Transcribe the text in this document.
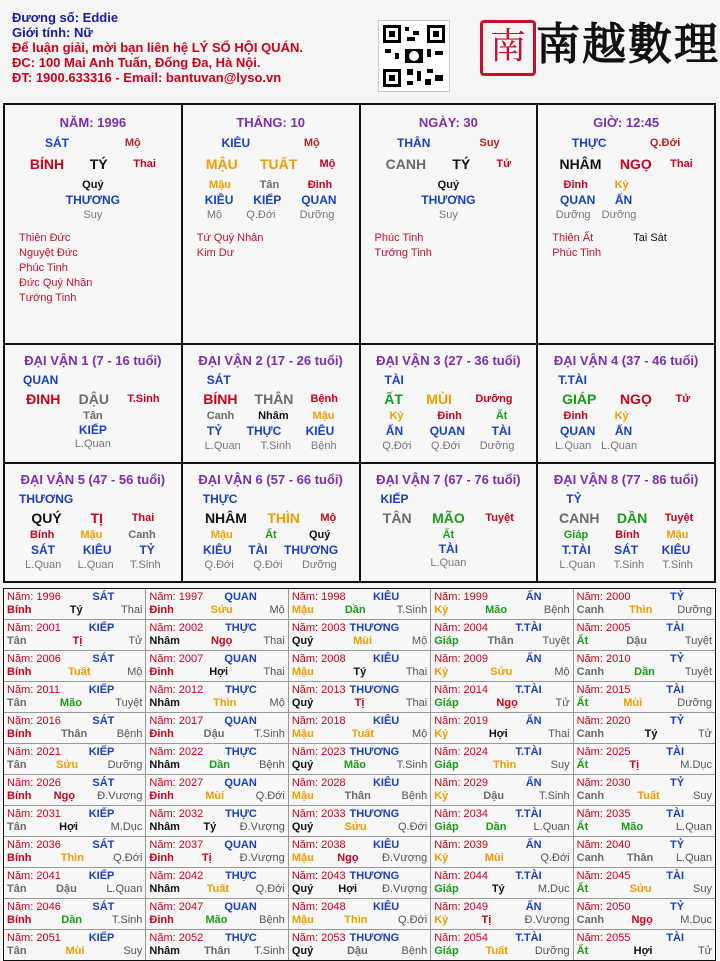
Đương số: Eddie
Giới tính: Nữ
Để luận giải, mời bạn liên hệ LÝ SỐ HỘI QUÁN.
ĐC: 100 Mai Anh Tuấn, Đống Đa, Hà Nội.
ĐT: 1900.633316 - Email: bantuvan@lyso.vn
南 南越數理
NĂM: 1996
SÁT	Mộ
BÍNH TÝ Thai
Quý
THƯƠNG
Suy
Thiên Đức
Nguyệt Đức
Phúc Tinh
Đức Quý Nhân
Tướng Tinh
THÁNG: 10
KIÊU	Mộ
MẬU TUẤT Mộ
Mậu	Tân	Đinh
KIÊU KIẾP QUAN
Mộ Q.Đới Dưỡng
Tứ Quý Nhân
Kim Dư
NGÀY: 30
THÂN	Suy
CANH TÝ Tử
Quý
THƯƠNG
Suy
Phúc Tinh
Tướng Tinh
GIỜ: 12:45
THỰC	Q.Đới
NHÂM NGỌ Thai
Đinh Kỷ
QUAN ẤN
Dưỡng Dưỡng
Thiên Ất	Tai Sát
Phúc Tinh
ĐẠI VẬN 1 (7 - 16 tuổi)
QUAN
ĐINH DẬU T.Sinh
Tân
KIẾP
L.Quan
ĐẠI VẬN 2 (17 - 26 tuổi)
SÁT
BÍNH THÂN Bệnh
Canh Nhâm Mậu
TỶ THỰC KIÊU
L.Quan T.Sinh Bệnh
ĐẠI VẬN 3 (27 - 36 tuổi)
TÀI
ẤT MÙI Dưỡng
Kỷ	Đinh	Ất
ẤN QUAN TÀI
Q.Đới Q.Đới Dưỡng
ĐẠI VẬN 4 (37 - 46 tuổi)
T.TÀI
GIÁP NGỌ Tử
Đinh Kỷ
QUAN ẤN
L.Quan L.Quan
ĐẠI VẬN 5 (47 - 56 tuổi)
THƯƠNG
QUÝ TỊ	Thai
Bính Mậu Canh
SÁT KIÊU TỶ
L.Quan L.Quan T.Sinh
ĐẠI VẬN 6 (57 - 66 tuổi)
THỰC
NHÂM THÌN Mộ
Mậu	Ất	Quý
KIÊU TÀI THƯƠNG
Q.Đới Q.Đới Dưỡng
ĐẠI VẬN 7 (67 - 76 tuổi)
KIẾP
TÂN MÃO Tuyệt
Ất
TÀI
L.Quan
ĐẠI VẬN 8 (77 - 86 tuổi)
TỶ
CANH DẦN Tuyệt
Giáp Bính Mậu
T.TÀI SÁT KIÊU
L.Quan T.Sinh T.Sinh
Năm: 1996	SÁT
Bính	Tý	Thai
Năm: 1997 QUAN
Đinh	Sửu	Mộ
Năm: 1998 KIÊU
Mậu	Dần	T.Sinh
Năm: 1999	ẤN
Kỷ	Mão	Bệnh
Năm: 2000	TỶ
Canh Thìn Dưỡng
Năm: 2001	KIẾP
Tân	Tị	Tử
Năm: 2002 THỰC
Nhâm	Ngọ	Thai
Năm: 2003 THƯƠNG
Quý	Mùi	Mộ
Năm: 2004 T.TÀI
Giáp	Thân	Tuyệt
Năm: 2005	TÀI
Ất	Dậu	Tuyệt
Năm: 2006	SÁT
Bính	Tuất	Mộ
Năm: 2007 QUAN
Đinh	Hợi	Thai
Năm: 2008 KIÊU
Mậu	Tý	Thai
Năm: 2009	ẤN
Kỷ	Sửu	Mộ
Năm: 2010	TỶ
Canh	Dần	Tuyệt
Năm: 2011	KIẾP
Tân	Mão	Tuyệt
Năm: 2012 THỰC
Nhâm	Thìn	Mộ
Năm: 2013 THƯƠNG
Quý	Tị	Thai
Năm: 2014 T.TÀI
Giáp	Ngọ	Tử
Năm: 2015	TÀI
Ất	Mùi	Dưỡng
Năm: 2016	SÁT
Bính	Thân	Bệnh
Năm: 2017 QUAN
Đinh	Dậu	T.Sinh
Năm: 2018 KIÊU
Mậu	Tuất	Mộ
Năm: 2019	ẤN
Kỷ	Hợi	Thai
Năm: 2020	TỶ
Canh	Tý	Tử
Năm: 2021	KIẾP
Tân	Sửu	Dưỡng
Năm: 2022 THỰC
Nhâm	Dần	Bệnh
Năm: 2023 THƯƠNG
Quý	Mão	T.Sinh
Năm: 2024 T.TÀI
Giáp	Thìn	Suy
Năm: 2025	TÀI
Ất	Tị	M.Dục
Năm: 2026	SÁT
Bính Ngọ Đ.Vượng
Năm: 2027 QUAN
Đinh	Mùi	Q.Đới
Năm: 2028 KIÊU
Mậu	Thân	Bệnh
Năm: 2029	ẤN
Kỷ	Dậu	T.Sinh
Năm: 2030	TỶ
Canh	Tuất	Suy
Năm: 2031	KIẾP
Tân	Hợi	M.Dục
Năm: 2032 THỰC
Nhâm Tý Đ.Vượng
Năm: 2033 THƯƠNG
Quý	Sửu	Q.Đới
Năm: 2034 T.TÀI
Giáp Dần L.Quan
Năm: 2035	TÀI
Ất	Mão	L.Quan
Năm: 2036	SÁT
Bính	Thìn	Q.Đới
Năm: 2037 QUAN
Đinh	Tị	Đ.Vượng
Năm: 2038 KIÊU
Mậu Ngọ Đ.Vượng
Năm: 2039	ẤN
Kỷ	Mùi	Q.Đới
Năm: 2040	TỶ
Canh Thân L.Quan
Năm: 2041	KIẾP
Tân	Dậu	L.Quan
Năm: 2042 THỰC
Nhâm Tuất Q.Đới
Năm: 2043 THƯƠNG
Quý Hợi Đ.Vượng
Năm: 2044 T.TÀI
Giáp	Tý	M.Dục
Năm: 2045	TÀI
Ất	Sửu	Suy
Năm: 2046	SÁT
Bính	Dần	T.Sinh
Năm: 2047 QUAN
Đinh	Mão	Bệnh
Năm: 2048 KIÊU
Mậu	Thìn	Q.Đới
Năm: 2049	ẤN
Kỷ	Tị	Đ.Vượng
Năm: 2050	TỶ
Canh Ngọ M.Dục
Năm: 2051	KIẾP
Tân	Mùi	Suy
Năm: 2052 THỰC
Nhâm Thân T.Sinh
Năm: 2053 THƯƠNG
Quý	Dậu	Bệnh
Năm: 2054 T.TÀI
Giáp Tuất Dưỡng
Năm: 2055	TÀI
Ất	Hợi	Tử
